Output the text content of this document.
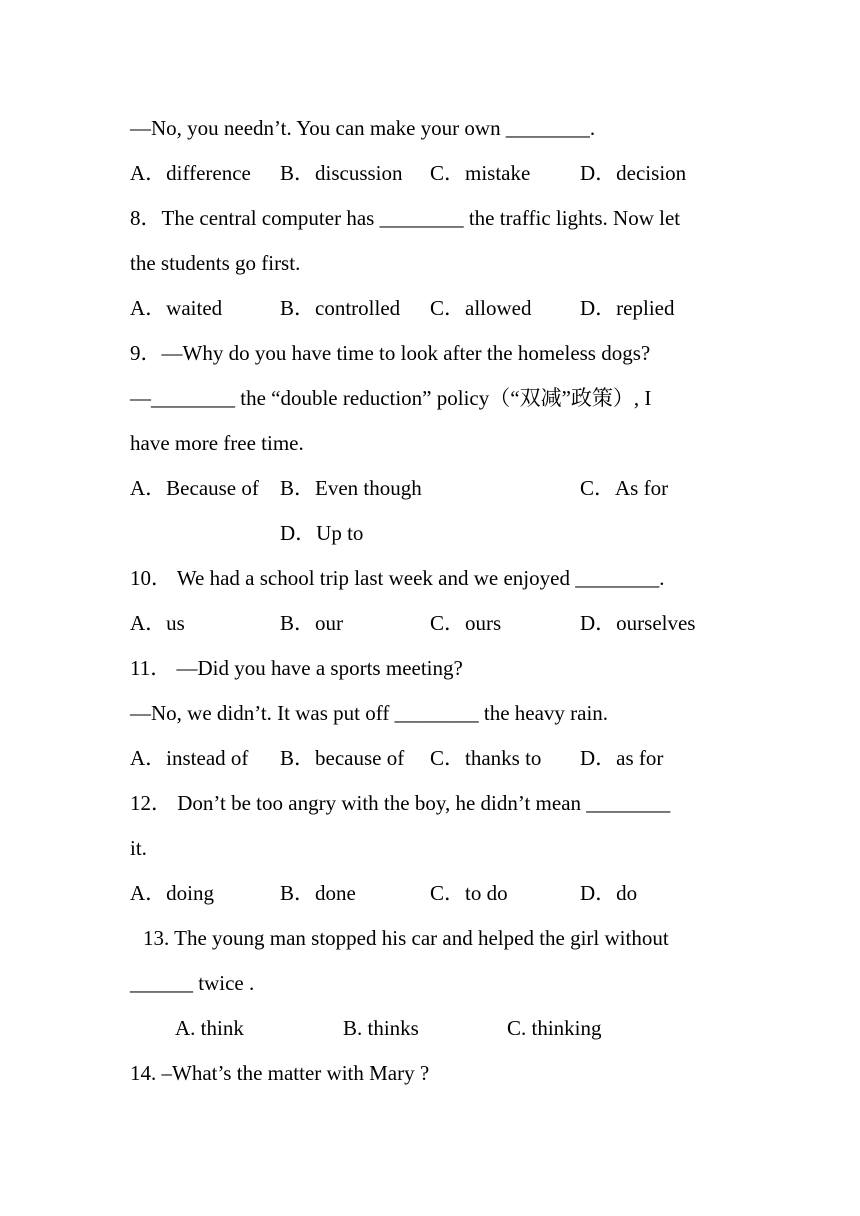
—No, you needn’t. You can make your own ________.
A．difference B．discussion C．mistake D．decision
8．The central computer has ________ the traffic lights. Now let
the students go first.
A．waited	B．controlled C．allowed D．replied
9．—Why do you have time to look after the homeless dogs?
—________ the “double reduction” policy（“双减”政策）, I
have more free time.
A．Because of B．Even though	C．As for
D．Up to
10． We had a school trip last week and we enjoyed ________.
A．us	B．our	C．ours	D．ourselves
11． —Did you have a sports meeting?
—No, we didn’t. It was put off ________ the heavy rain.
A．instead of B．because of C．thanks to D．as for
12． Don’t be too angry with the boy, he didn’t mean ________
it.
A．doing	B．done	C．to do	D．do
13. The young man stopped his car and helped the girl without
______ twice .
A. think	B. thinks	C. thinking
14. –What’s the matter with Mary ?
